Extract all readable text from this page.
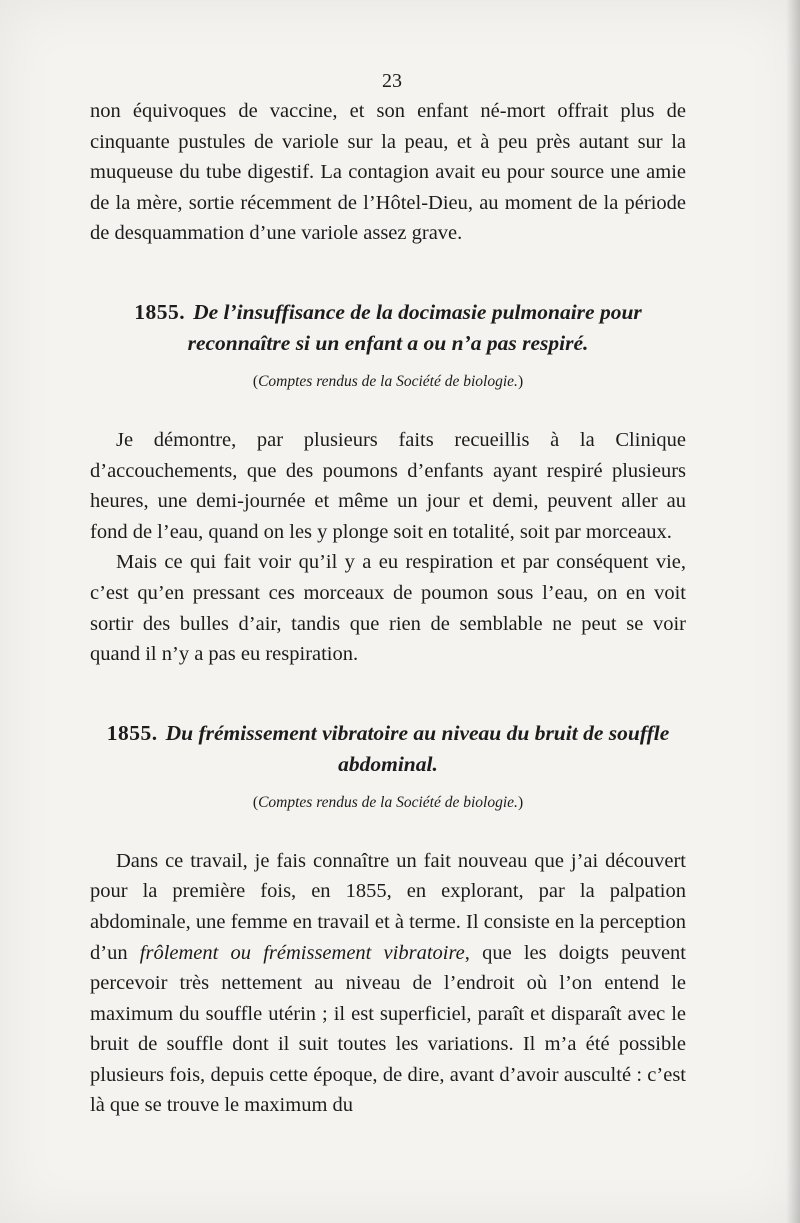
23

non équivoques de vaccine, et son enfant né-mort offrait plus de cinquante pustules de variole sur la peau, et à peu près autant sur la muqueuse du tube digestif. La contagion avait eu pour source une amie de la mère, sortie récemment de l’Hôtel-Dieu, au moment de la période de desquammation d’une variole assez grave.

1855. De l’insuffisance de la docimasie pulmonaire pour reconnaître si un enfant a ou n’a pas respiré.
(Comptes rendus de la Société de biologie.)

Je démontre, par plusieurs faits recueillis à la Clinique d’accouchements, que des poumons d’enfants ayant respiré plusieurs heures, une demi-journée et même un jour et demi, peuvent aller au fond de l’eau, quand on les y plonge soit en totalité, soit par morceaux.

Mais ce qui fait voir qu’il y a eu respiration et par conséquent vie, c’est qu’en pressant ces morceaux de poumon sous l’eau, on en voit sortir des bulles d’air, tandis que rien de semblable ne peut se voir quand il n’y a pas eu respiration.

1855. Du frémissement vibratoire au niveau du bruit de souffle abdominal.
(Comptes rendus de la Société de biologie.)

Dans ce travail, je fais connaître un fait nouveau que j’ai découvert pour la première fois, en 1855, en explorant, par la palpation abdominale, une femme en travail et à terme. Il consiste en la perception d’un frôlement ou frémissement vibratoire, que les doigts peuvent percevoir très nettement au niveau de l’endroit où l’on entend le maximum du souffle utérin ; il est superficiel, paraît et disparaît avec le bruit de souffle dont il suit toutes les variations. Il m’a été possible plusieurs fois, depuis cette époque, de dire, avant d’avoir ausculté : c’est là que se trouve le maximum du
